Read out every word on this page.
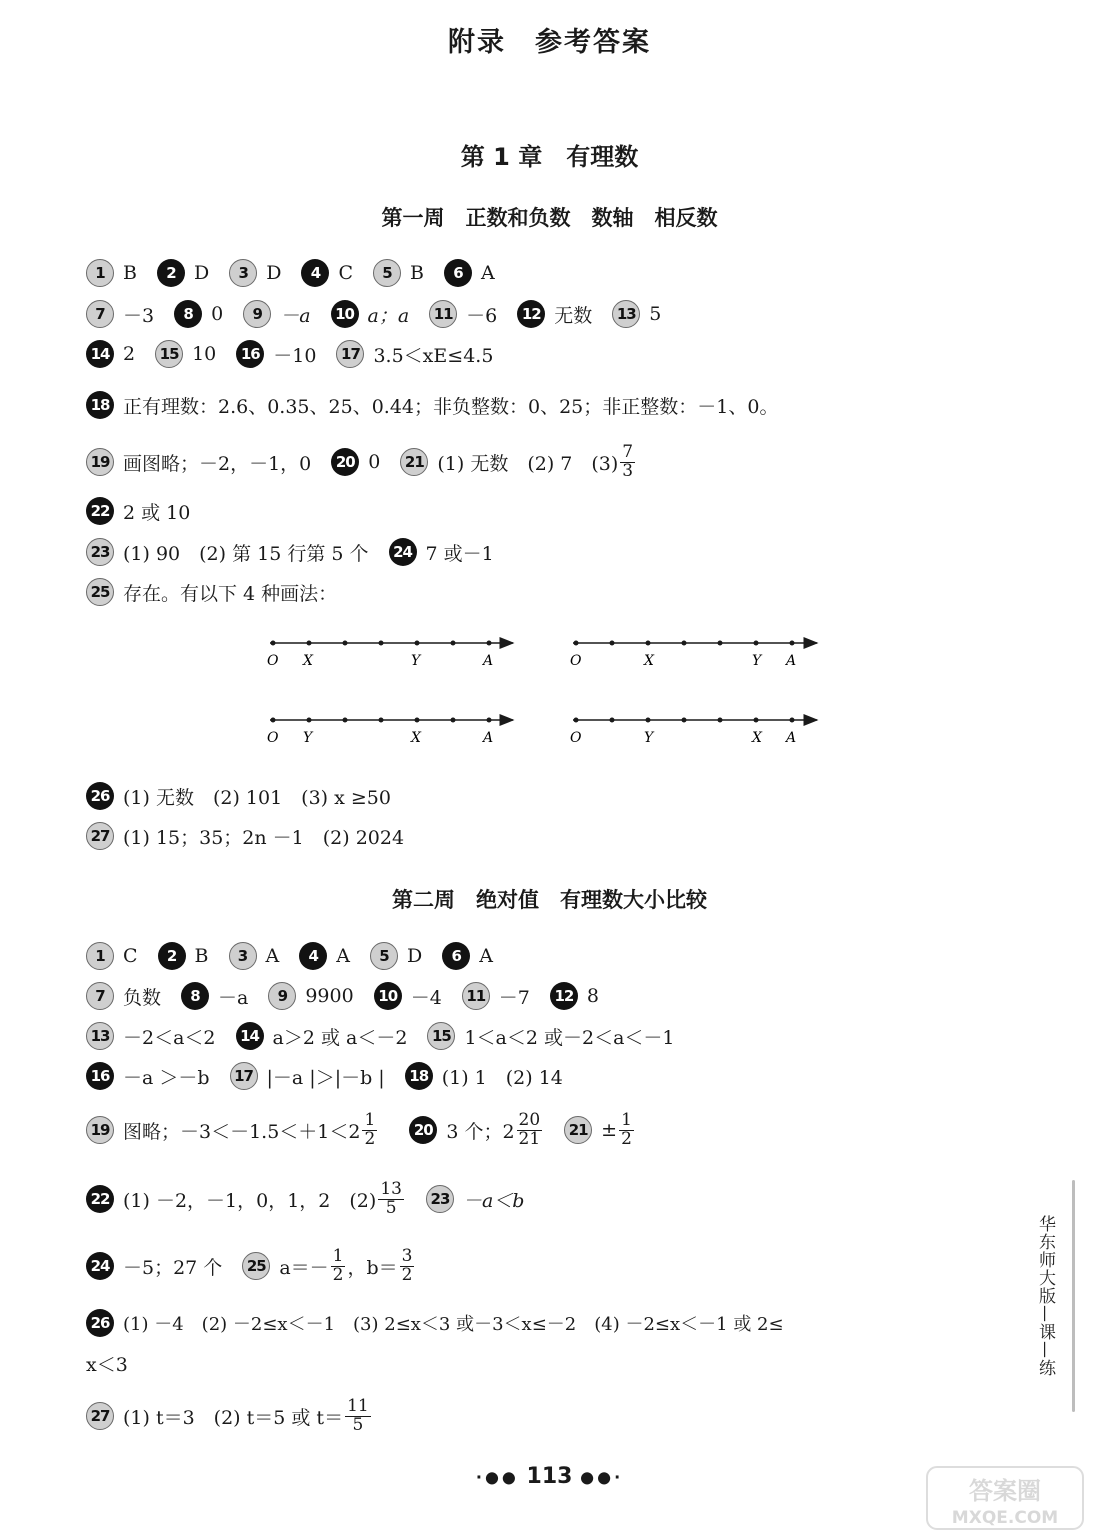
附录　参考答案
第 1 章　有理数
第一周　正数和负数　数轴　相反数
1 B	2 D	3 D	4 C	5 B	6 A
7 －3	8 0	9 －a	10 a；a	11 －6	12 无数	13 5
14 2	15 10	16 －10	17 3.5＜xE≤4.5
18 正有理数：2.6、0.35、25、0.44；非负整数：0、25；非正整数：－1、0。
19 画图略；－2，－1，0	20 0	21 (1) 无数　(2) 7　$(3) \frac{7}{3}$
22 2 或 10
23 (1) 90　(2) 第 15 行第 5 个	24 7 或－1
25 存在。有以下 4 种画法：
O X	Y	A	O	X	Y A
O Y	X	A	O	Y	X A
26 (1) 无数　(2) 101　(3) x ≥50
27 (1) 15；35；2n －1　(2) 2024
第二周　绝对值　有理数大小比较
1 C	2 B	3 A	4 A	5 D	6 A
7 负数	8 －a	9 9900	10 －4	11 －7	12 8
13 －2＜a＜2	14 a＞2 或 a＜－2	15 1＜a＜2 或－2＜a＜－1
16 －a ＞－b	17 |－a |＞|－b |	18 (1) 1　(2) 14
19 图略；$-3<-1.5<+1<2 \frac{1}{2}$	20 3 个；$2 \frac{20}{21}$	$21 \pm \frac{1}{2}$
22 (1) －2，－1，0，1，2　$(2) \frac{13}{5}$	23 －a＜b
24 －5；27 个	25 $a=- \frac{1}{2}$ ，$b= \frac{3}{2}$
26 (1) －4　(2) －2≤x＜－1　(3) 2≤x＜3 或－3＜x≤－2　(4) －2≤x＜－1 或 2≤
x＜3
27 (1) t＝3　(2) t＝5 或 $t= \frac{11}{5}$
华东师大版—课—练
·●● 113 ●●·	答案圈
MXQE.COM
